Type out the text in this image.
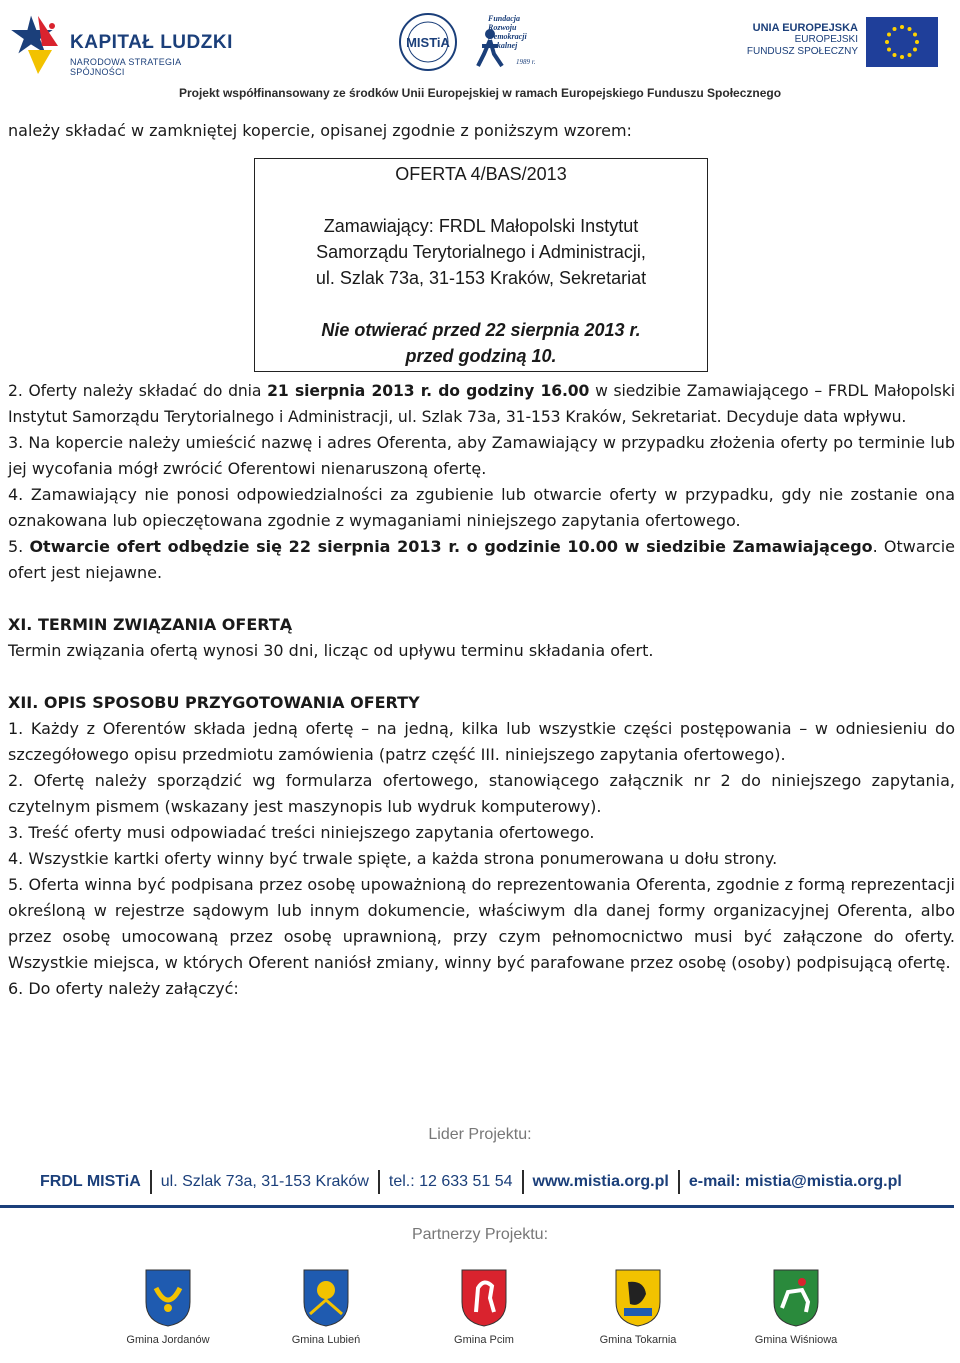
KAPITAŁ LUDZKI
NARODOWA STRATEGIA SPÓJNOŚCI
MISTiA
Fundacja Rozwoju Demokracji Lokalnej
1989 r.
UNIA EUROPEJSKA
EUROPEJSKI
FUNDUSZ SPOŁECZNY
Projekt współfinansowany ze środków Unii Europejskiej w ramach Europejskiego Funduszu Społecznego

należy składać w zamkniętej kopercie, opisanej zgodnie z poniższym wzorem:

OFERTA 4/BAS/2013
Zamawiający: FRDL Małopolski Instytut
Samorządu Terytorialnego i Administracji,
ul. Szlak 73a, 31-153 Kraków, Sekretariat
Nie otwierać przed 22 sierpnia 2013 r.
przed godziną 10.

2. Oferty należy składać do dnia 21 sierpnia 2013 r. do godziny 16.00 w siedzibie Zamawiającego – FRDL Małopolski Instytut Samorządu Terytorialnego i Administracji, ul. Szlak 73a, 31-153 Kraków, Sekretariat. Decyduje data wpływu.

3. Na kopercie należy umieścić nazwę i adres Oferenta, aby Zamawiający w przypadku złożenia oferty po terminie lub jej wycofania mógł zwrócić Oferentowi nienaruszoną ofertę.

4. Zamawiający nie ponosi odpowiedzialności za zgubienie lub otwarcie oferty w przypadku, gdy nie zostanie ona oznakowana lub opieczętowana zgodnie z wymaganiami niniejszego zapytania ofertowego.

5. Otwarcie ofert odbędzie się 22 sierpnia 2013 r. o godzinie 10.00 w siedzibie Zamawiającego. Otwarcie ofert jest niejawne.

XI. TERMIN ZWIĄZANIA OFERTĄ

Termin związania ofertą wynosi 30 dni, licząc od upływu terminu składania ofert.

XII. OPIS SPOSOBU PRZYGOTOWANIA OFERTY

1. Każdy z Oferentów składa jedną ofertę – na jedną, kilka lub wszystkie części postępowania – w odniesieniu do szczegółowego opisu przedmiotu zamówienia (patrz część III. niniejszego zapytania ofertowego).

2. Ofertę należy sporządzić wg formularza ofertowego, stanowiącego załącznik nr 2 do niniejszego zapytania, czytelnym pismem (wskazany jest maszynopis lub wydruk komputerowy).

3. Treść oferty musi odpowiadać treści niniejszego zapytania ofertowego.

4. Wszystkie kartki oferty winny być trwale spięte, a każda strona ponumerowana u dołu strony.

5. Oferta winna być podpisana przez osobę upoważnioną do reprezentowania Oferenta, zgodnie z formą reprezentacji określoną w rejestrze sądowym lub innym dokumencie, właściwym dla danej formy organizacyjnej Oferenta, albo przez osobę umocowaną przez osobę uprawnioną, przy czym pełnomocnictwo musi być załączone do oferty. Wszystkie miejsca, w których Oferent naniósł zmiany, winny być parafowane przez osobę (osoby) podpisującą ofertę.

6. Do oferty należy załączyć:

Lider Projektu:
FRDL MISTiA ul. Szlak 73a, 31-153 Kraków tel.: 12 633 51 54 www.mistia.org.pl e-mail: mistia@mistia.org.pl
Partnerzy Projektu:
Gmina Jordanów	Gmina Lubień	Gmina Pcim	Gmina Tokarnia	Gmina Wiśniowa
